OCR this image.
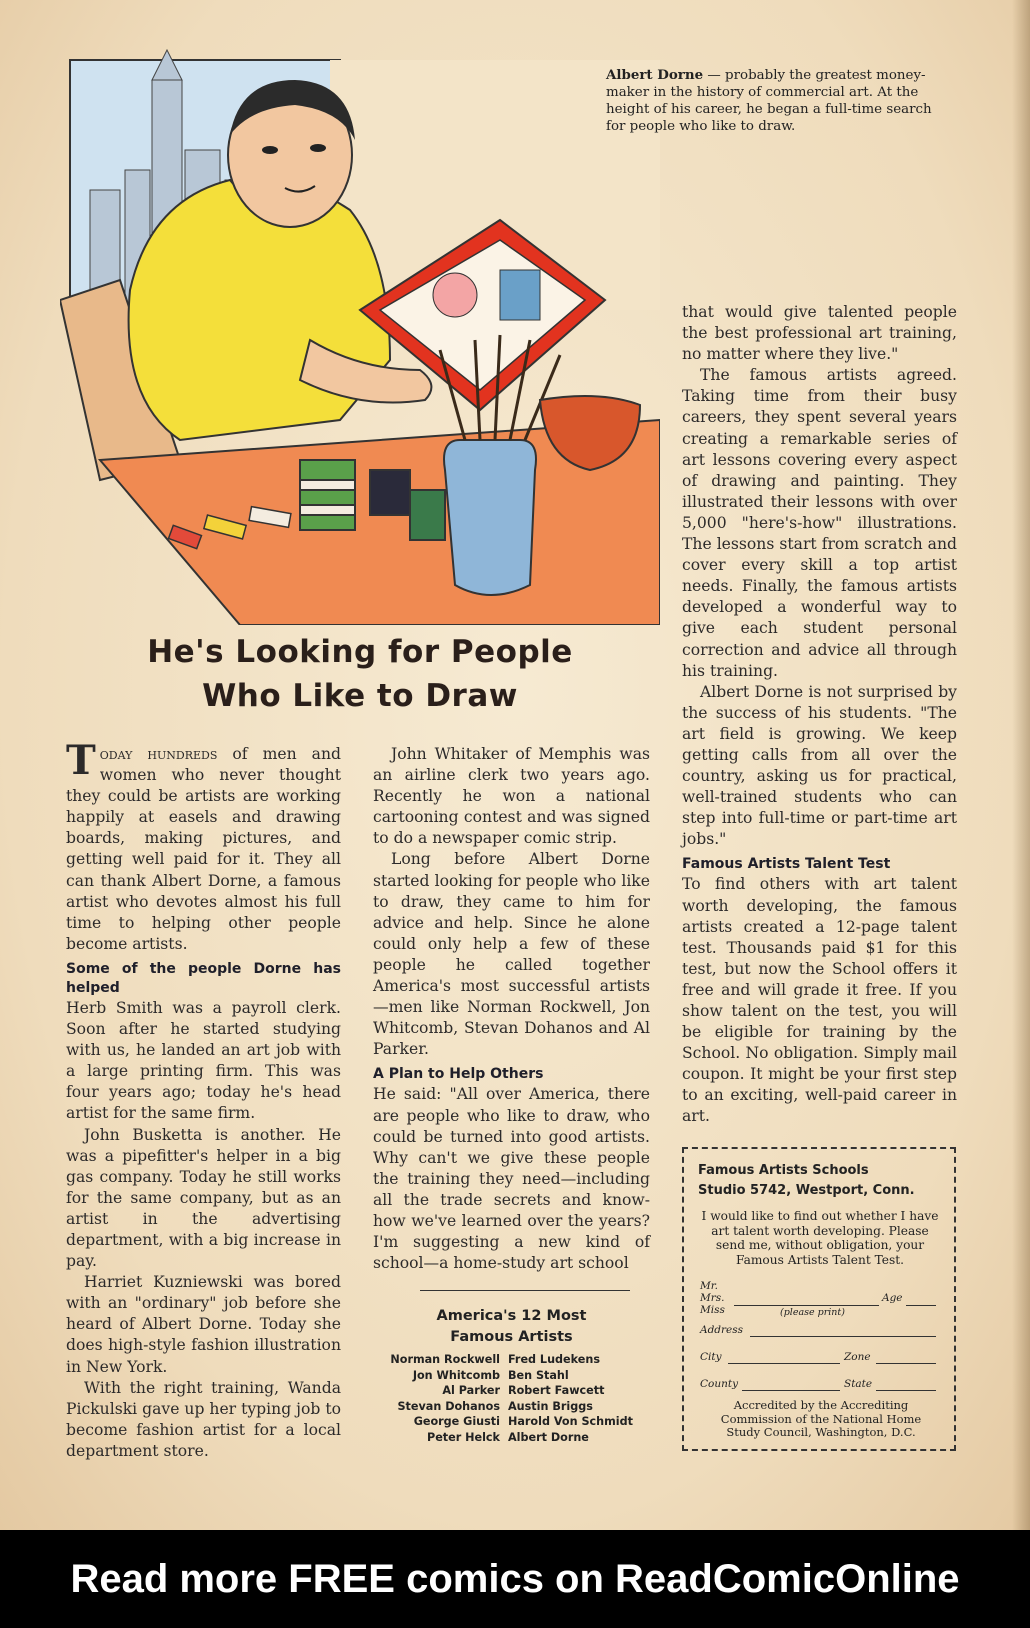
Albert Dorne — probably the greatest money-maker in the history of commercial art. At the height of his career, he began a full-time search for people who like to draw.
He's Looking for People
Who Like to Draw

Today hundreds of men and women who never thought they could be artists are working happily at easels and drawing boards, making pictures, and getting well paid for it. They all can thank Albert Dorne, a famous artist who devotes almost his full time to helping other people become artists.

Some of the people Dorne has helped

Herb Smith was a payroll clerk. Soon after he started studying with us, he landed an art job with a large printing firm. This was four years ago; today he's head artist for the same firm.

John Busketta is another. He was a pipefitter's helper in a big gas company. Today he still works for the same company, but as an artist in the advertising department, with a big increase in pay.

Harriet Kuzniewski was bored with an "ordinary" job before she heard of Albert Dorne. Today she does high-style fashion illustration in New York.

With the right training, Wanda Pickulski gave up her typing job to become fashion artist for a local department store.

John Whitaker of Memphis was an airline clerk two years ago. Recently he won a national cartooning contest and was signed to do a newspaper comic strip.

Long before Albert Dorne started looking for people who like to draw, they came to him for advice and help. Since he alone could only help a few of these people he called together America's most successful artists —men like Norman Rockwell, Jon Whitcomb, Stevan Dohanos and Al Parker.

A Plan to Help Others

He said: "All over America, there are people who like to draw, who could be turned into good artists. Why can't we give these people the training they need—including all the trade secrets and know-how we've learned over the years? I'm suggesting a new kind of school—a home-study art school

America's 12 Most
Famous Artists
Norman Rockwell Fred Ludekens
Jon Whitcomb Ben Stahl
Al Parker Robert Fawcett
Stevan Dohanos Austin Briggs
George Giusti Harold Von Schmidt
Peter Helck Albert Dorne

that would give talented people the best professional art training, no matter where they live."

The famous artists agreed. Taking time from their busy careers, they spent several years creating a remarkable series of art lessons covering every aspect of drawing and painting. They illustrated their lessons with over 5,000 "here's-how" illustrations. The lessons start from scratch and cover every skill a top artist needs. Finally, the famous artists developed a wonderful way to give each student personal correction and advice all through his training.

Albert Dorne is not surprised by the success of his students. "The art field is growing. We keep getting calls from all over the country, asking us for practical, well-trained students who can step into full-time or part-time art jobs."

Famous Artists Talent Test

To find others with art talent worth developing, the famous artists created a 12-page talent test. Thousands paid $1 for this test, but now the School offers it free and will grade it free. If you show talent on the test, you will be eligible for training by the School. No obligation. Simply mail coupon. It might be your first step to an exciting, well-paid career in art.

Famous Artists Schools
Studio 5742, Westport, Conn.
I would like to find out whether I have art talent worth developing. Please send me, without obligation, your Famous Artists Talent Test.
Mr.
Mrs.
Miss
Age
(please print)
Address
City	Zone
County	State
Accredited by the Accrediting Commission of the National Home Study Council, Washington, D.C.
Read more FREE comics on ReadComicOnline
